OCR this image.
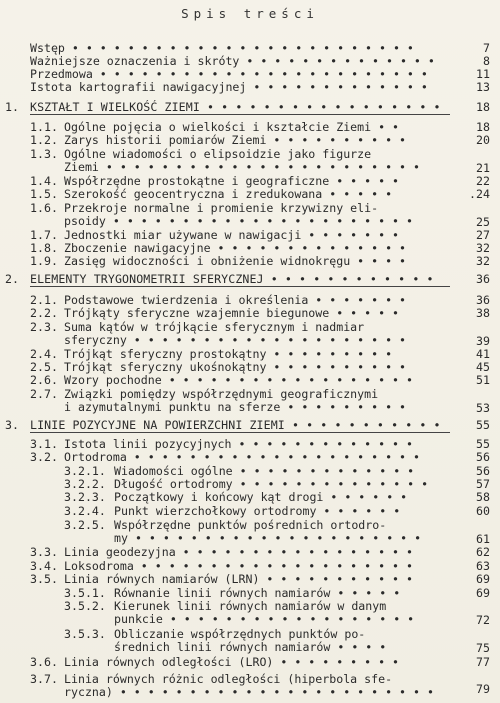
Spis treści
Wstęp • • • • • • • • • • • • • • • • • • • • • • • • •	7
Ważniejsze oznaczenia i skróty • • • • • • • • • • • • • •	8
Przedmowa • • • • • • • • • • • • • • • • • • • • • • • •	11
Istota kartografii nawigacyjnej • • • • • • • • • • • • •	13
1. KSZTAŁT I WIELKOŚĆ ZIEMI • • • • • • • • • • • • • • • • •	18
1.1. Ogólne pojęcia o wielkości i kształcie Ziemi • •	18
1.2. Zarys historii pomiarów Ziemi • • • • • • • • • •	20
1.3. Ogólne wiadomości o elipsoidzie jako figurze
Ziemi • • • • • • • • • • • • • • • • • • • • • • •	21
1.4. Współrzędne prostokątne i geograficzne • • • • •	22
1.5. Szerokość geocentryczna i zredukowana • • • • •	.24
1.6. Przekroje normalne i promienie krzywizny eli-
psoidy • • • • • • • • • • • • • • • • • • • • • •	25
1.7. Jednostki miar używane w nawigacji • • • • • • •	27
1.8. Zboczenie nawigacyjne • • • • • • • • • • • • • •	32
1.9. Zasięg widoczności i obniżenie widnokręgu • • • •	32
2. ELEMENTY TRYGONOMETRII SFERYCZNEJ • • • • • • • • • • • •	36
2.1. Podstawowe twierdzenia i określenia • • • • • • •	36
2.2. Trójkąty sferyczne wzajemnie biegunowe • • • • •	38
2.3. Suma kątów w trójkącie sferycznym i nadmiar
sferyczny • • • • • • • • • • • • • • • • • • • •	39
2.4. Trójkąt sferyczny prostokątny • • • • • • • • •	41
2.5. Trójkąt sferyczny ukośnokątny • • • • • • • • • •	45
2.6. Wzory pochodne • • • • • • • • • • • • • • • • • •	51
2.7. Związki pomiędzy współrzędnymi geograficznymi
i azymutalnymi punktu na sferze • • • • • • • • •	53
3. LINIE POZYCYJNE NA POWIERZCHNI ZIEMI • • • • • • • • • • •	55
3.1. Istota linii pozycyjnych • • • • • • • • • • • • •	55
3.2. Ortodroma • • • • • • • • • • • • • • • • • • • • •	56
3.2.1. Wiadomości ogólne • • • • • • • • • • • • •	56
3.2.2. Długość ortodromy • • • • • • • • • • • • • •	57
3.2.3. Początkowy i końcowy kąt drogi • • • • • •	58
3.2.4. Punkt wierzchołkowy ortodromy • • • • • •	60
3.2.5. Współrzędne punktów pośrednich ortodro-
my • • • • • • • • • • • • • • • • • • • • •	61
3.3. Linia geodezyjna • • • • • • • • • • • • • • • • •	62
3.4. Loksodroma • • • • • • • • • • • • • • • • • • • •	63
3.5. Linia równych namiarów (LRN) • • • • • • • • • • •	69
3.5.1. Równanie linii równych namiarów • • • • •	69
3.5.2. Kierunek linii równych namiarów w danym
punkcie • • • • • • • • • • • • • • • • • •	72
3.5.3. Obliczanie współrzędnych punktów po-
średnich linii równych namiarów • • • •	75
3.6. Linia równych odległości (LRO) • • • • • • • • •	77
3.7. Linia równych różnic odległości (hiperbola sfe-
ryczna) • • • • • • • • • • • • • • • • • • • • • • •	79
